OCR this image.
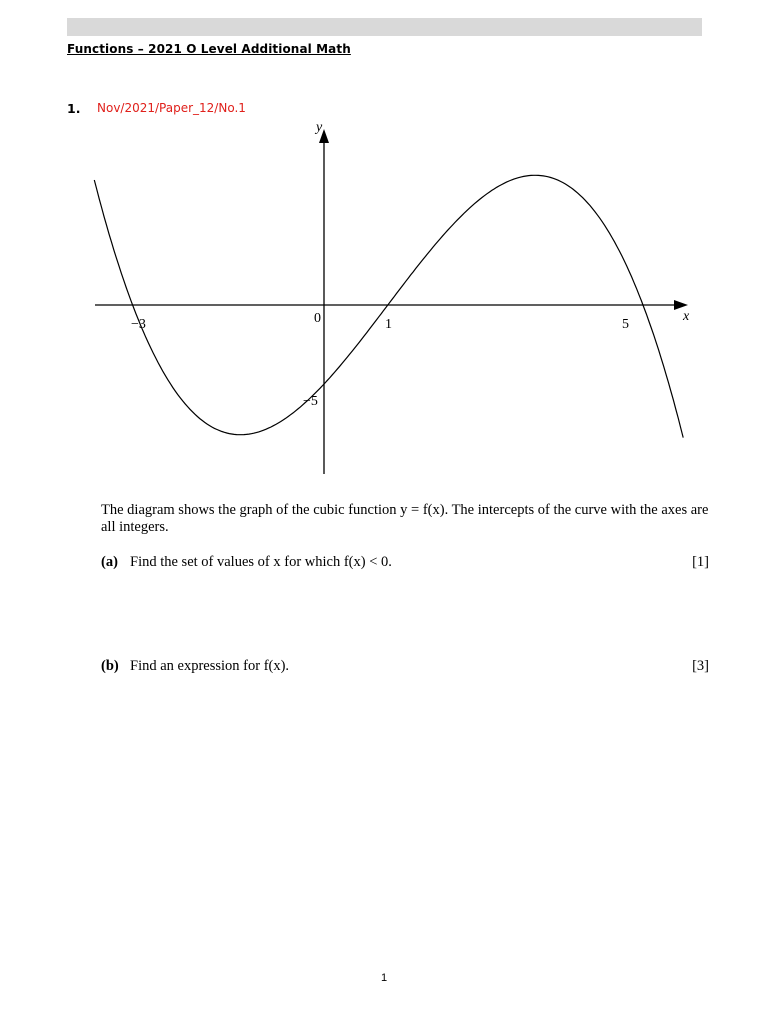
Functions – 2021 O Level Additional Math
1. Nov/2021/Paper_12/No.1
y
x
0
−3	1	5
−5
The diagram shows the graph of the cubic function y = f(x). The intercepts of the curve with the axes are all integers.
(a) Find the set of values of x for which f(x) < 0.	[1]
(b) Find an expression for f(x).	[3]
1
